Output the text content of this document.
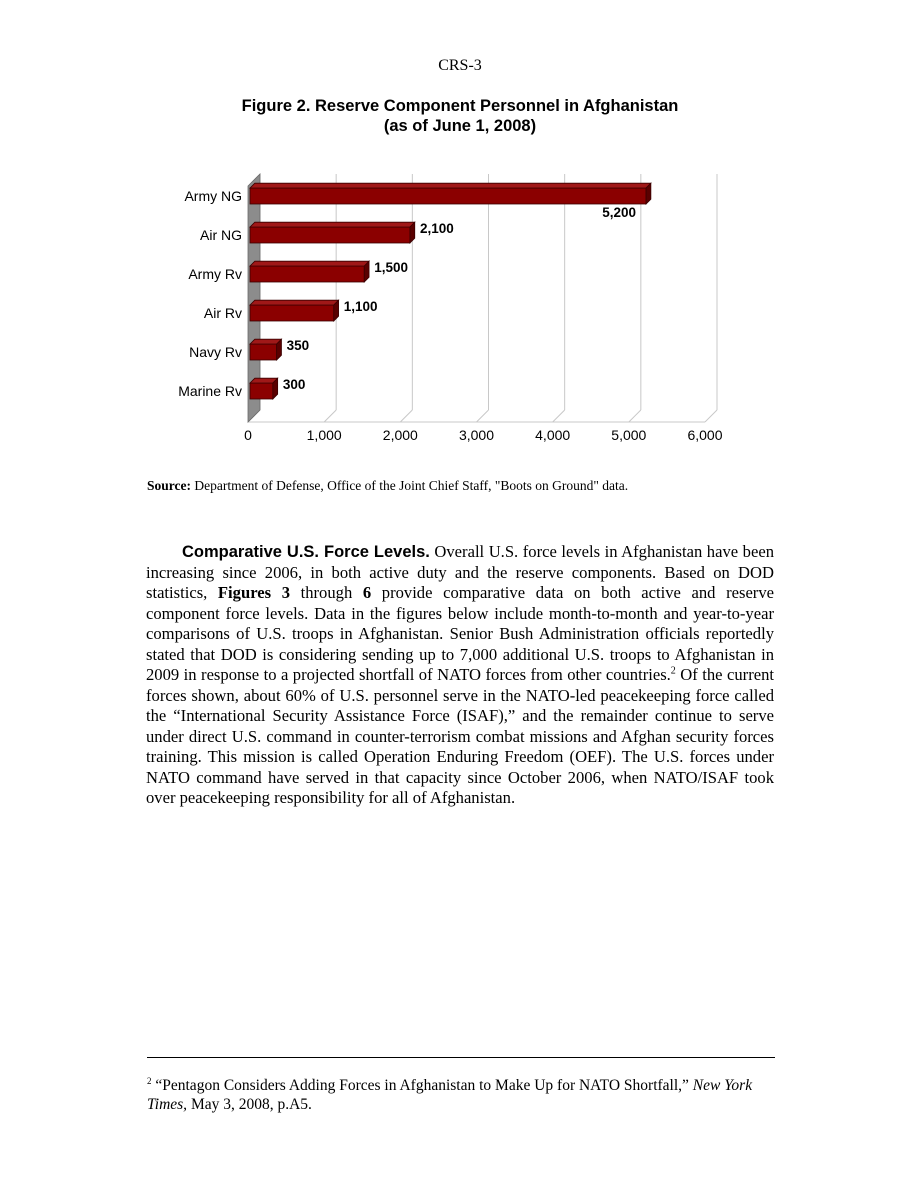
CRS-3
Figure 2. Reserve Component Personnel in Afghanistan
(as of June 1, 2008)
0	1,000	2,000	3,000	4,000	5,000	6,000
Army NG
5,200
Air NG	2,100
Army Rv	1,500
Air Rv	1,100
Navy Rv	350
Marine Rv	300
Source: Department of Defense, Office of the Joint Chief Staff, "Boots on Ground" data.
Comparative U.S. Force Levels. Overall U.S. force levels in Afghanistan have been increasing since 2006, in both active duty and the reserve components. Based on DOD statistics, Figures 3 through 6 provide comparative data on both active and reserve component force levels. Data in the figures below include month-to-month and year-to-year comparisons of U.S. troops in Afghanistan. Senior Bush Administration officials reportedly stated that DOD is considering sending up to 7,000 additional U.S. troops to Afghanistan in 2009 in response to a projected shortfall of NATO forces from other countries.$^2$ Of the current forces shown, about 60% of U.S. personnel serve in the NATO-led peacekeeping force called the “International Security Assistance Force (ISAF),” and the remainder continue to serve under direct U.S. command in counter-terrorism combat missions and Afghan security forces training. This mission is called Operation Enduring Freedom (OEF). The U.S. forces under NATO command have served in that capacity since October 2006, when NATO/ISAF took over peacekeeping responsibility for all of Afghanistan.
$^2$ “Pentagon Considers Adding Forces in Afghanistan to Make Up for NATO Shortfall,” New York Times, May 3, 2008, p.A5.
